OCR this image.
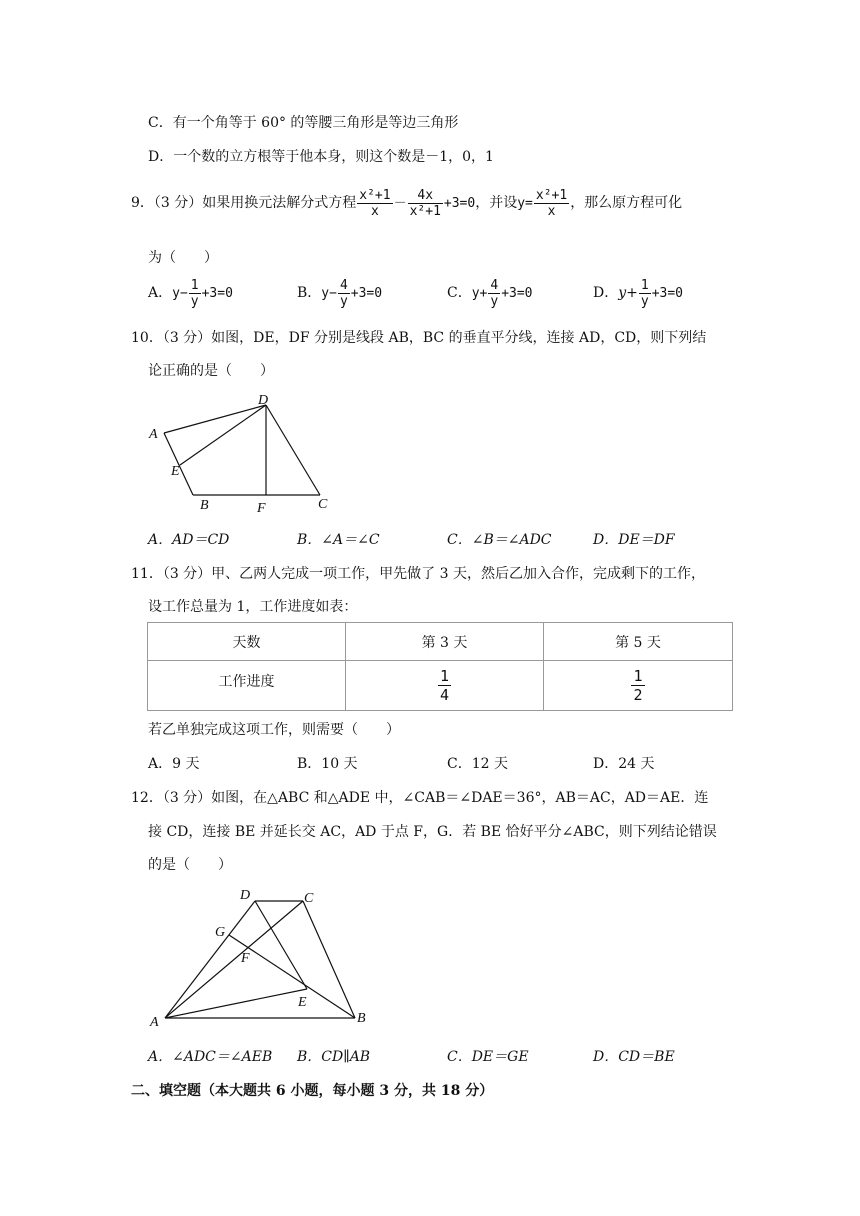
C．有一个角等于 60° 的等腰三角形是等边三角形
D．一个数的立方根等于他本身，则这个数是－1，0，1
9．（3 分）如果用换元法解分式方程 $\frac{\text{x²+1}}{x} - \frac{4x}{\text{x²+1}} +3=0$，并设$y= \frac{\text{x²+1}}{x}$ ，那么原方程可化
为（　　）
A．$y- \frac{1}{y} +3=0$	B．$y- \frac{4}{y} +3=0$	C．$y+ \frac{4}{y} +3=0$	D．$y+ \frac{1}{y} +3=0$
10．（3 分）如图，DE，DF 分别是线段 AB，BC 的垂直平分线，连接 AD，CD，则下列结
论正确的是（　　）
A
D
E
B	F	C
A．AD＝CD	B．∠A＝∠C	C．∠B＝∠ADC	D．DE＝DF
11．（3 分）甲、乙两人完成一项工作，甲先做了 3 天，然后乙加入合作，完成剩下的工作，
设工作总量为 1，工作进度如表：
天数	第 3 天	第 5 天
工作进度	$\frac{1}{4}$	$\frac{1}{2}$
若乙单独完成这项工作，则需要（　　）
A．9 天	B．10 天	C．12 天	D．24 天
12．（3 分）如图，在△ABC 和△ADE 中，∠CAB＝∠DAE＝36°，AB＝AC，AD＝AE．连
接 CD，连接 BE 并延长交 AC，AD 于点 F，G．若 BE 恰好平分∠ABC，则下列结论错误
的是（　　）
A
D	C
G
F
E
B
A．∠ADC＝∠AEB B．CD∥AB	C．DE＝GE	D．CD＝BE
二、填空题（本大题共 6 小题，每小题 3 分，共 18 分）
